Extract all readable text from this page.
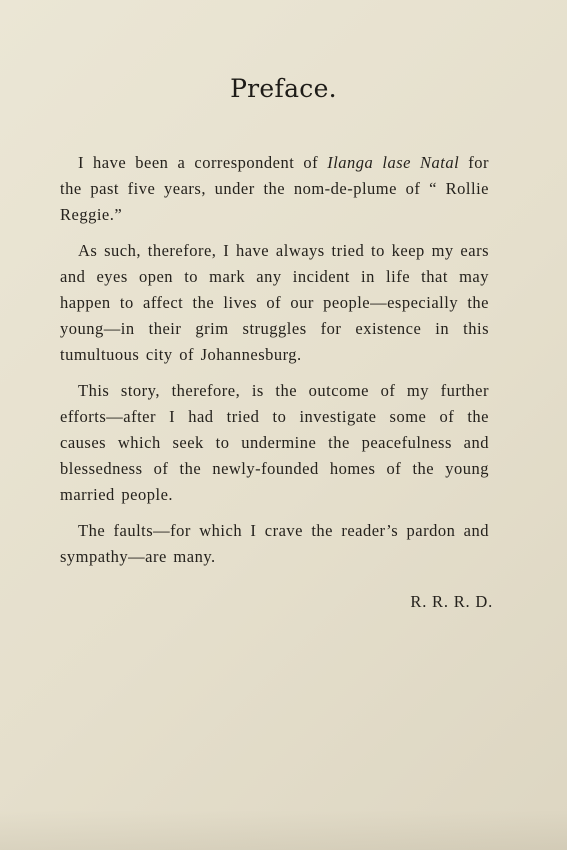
Preface.

I have been a correspondent of Ilanga lase Natal for the past five years, under the nom-de-plume of “ Rollie Reggie.”

As such, therefore, I have always tried to keep my ears and eyes open to mark any incident in life that may happen to affect the lives of our people—especially the young—in their grim struggles for existence in this tumultuous city of Johannesburg.

This story, therefore, is the outcome of my further efforts—after I had tried to investigate some of the causes which seek to undermine the peacefulness and blessedness of the newly-founded homes of the young married people.

The faults—for which I crave the reader’s pardon and sympathy—are many.

R. R. R. D.
